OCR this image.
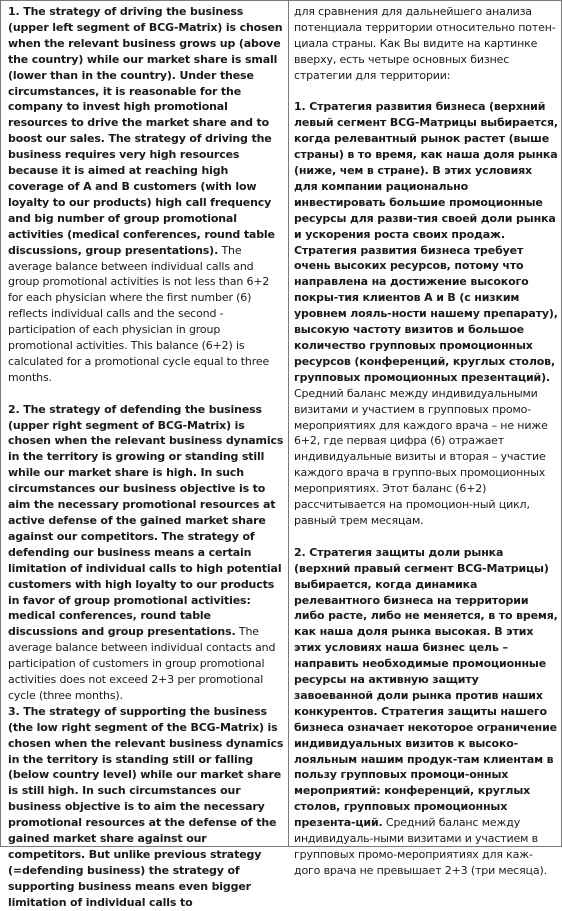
1. The strategy of driving the business (upper left segment of BCG-Matrix) is chosen when the relevant business grows up (above the country) while our market share is small (lower than in the country). Under these circumstances, it is reasonable for the company to invest high promotional resources to drive the market share and to boost our sales. The strategy of driving the business requires very high resources because it is aimed at reaching high coverage of A and B customers (with low loyalty to our products) high call frequency and big number of group promotional activities (medical conferences, round table discussions, group presentations). The average balance between individual calls and group promotional activities is not less than 6+2 for each physician where the first number (6) reflects individual calls and the second - participation of each physician in group promotional activities. This balance (6+2) is calculated for a promotional cycle equal to three months.

2. The strategy of defending the business (upper right segment of BCG-Matrix) is chosen when the relevant business dynamics in the territory is growing or standing still while our market share is high. In such circumstances our business objective is to aim the necessary promotional resources at active defense of the gained market share against our competitors. The strategy of defending our business means a certain limitation of individual calls to high potential customers with high loyalty to our products in favor of group promotional activities: medical conferences, round table discussions and group presentations. The average balance between individual contacts and participation of customers in group promotional activities does not exceed 2+3 per promotional cycle (three months).

3. The strategy of supporting the business (the low right segment of the BCG-Matrix) is chosen when the relevant business dynamics in the territory is standing still or falling (below country level) while our market share is still high. In such circumstances our business objective is to aim the necessary promotional resources at the defense of the gained market share against our competitors. But unlike previous strategy (=defending business) the strategy of supporting business means even bigger limitation of individual calls to

для сравнения для дальнейшего анализа потенциала территории относительно потен-циала страны. Как Вы видите на картинке вверху, есть четыре основных бизнес стратегии для территории:

1. Стратегия развития бизнеса (верхний левый сегмент BCG-Матрицы выбирается, когда релевантный рынок растет (выше страны) в то время, как наша доля рынка (ниже, чем в стране). В этих условиях для компании рационально инвестировать большие промоционные ресурсы для разви-тия своей доли рынка и ускорения роста своих продаж. Стратегия развития бизнеса требует очень высоких ресурсов, потому что направлена на достижение высокого покры-тия клиентов А и В (с низким уровнем лояль-ности нашему препарату), высокую частоту визитов и большое количество групповых промоционных ресурсов (конференций, круглых столов, групповых промоционных презентаций). Средний баланс между индивидуальными визитами и участием в групповых промо-мероприятиях для каждого врача – не ниже 6+2, где первая цифра (6) отражает индивидуальные визиты и вторая – участие каждого врача в группо-вых промоционных мероприятиях. Этот баланс (6+2) рассчитывается на промоцион-ный цикл, равный трем месяцам.

2. Стратегия защиты доли рынка (верхний правый сегмент BCG-Матрицы) выбирается, когда динамика релевантного бизнеса на территории либо расте, либо не меняется, в то время, как наша доля рынка высокая. В этих этих условиях наша бизнес цель – направить необходимые промоционные ресурсы на активную защиту завоеванной доли рынка против наших конкурентов. Стратегия защиты нашего бизнеса означает некоторое ограничение индивидуальных визитов к высоко-лояльным нашим продук-там клиентам в пользу групповых промоци-онных мероприятий: конференций, круглых столов, групповых промоционных презента-ций. Средний баланс между индивидуаль-ными визитами и участием в групповых промо-мероприятиях для каж-дого врача не превышает 2+3 (три месяца).
